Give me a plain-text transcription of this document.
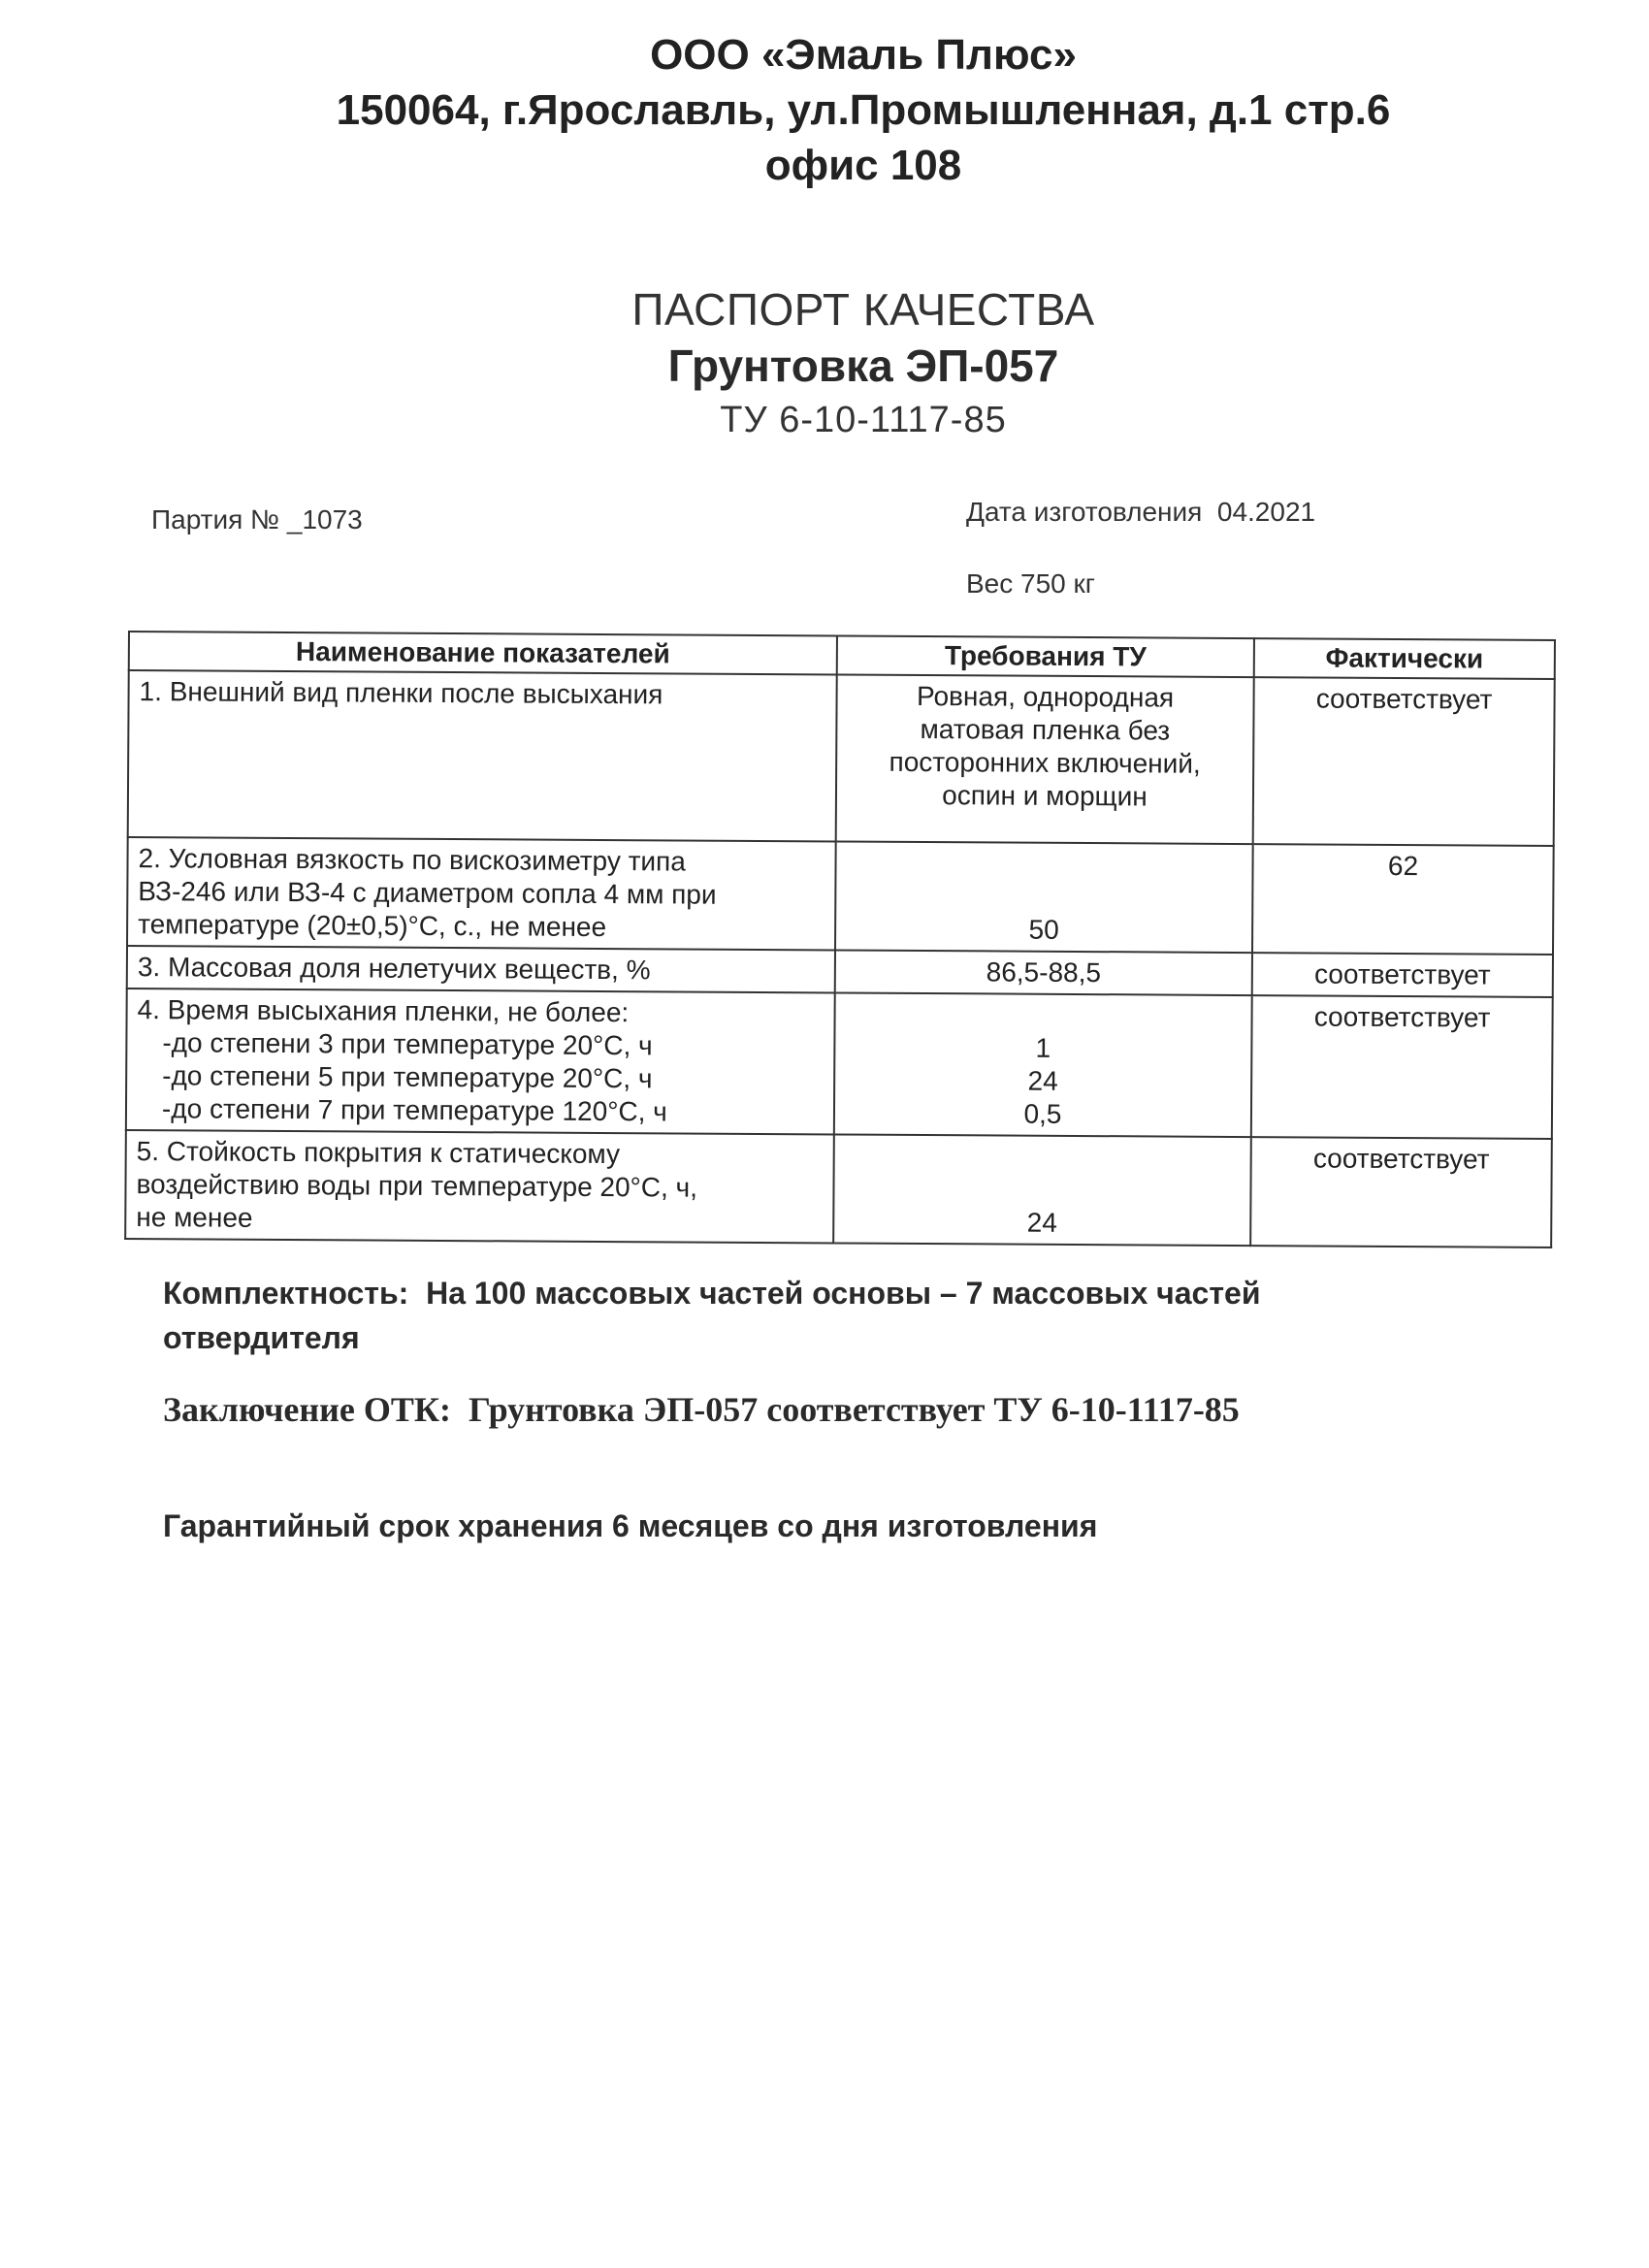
ООО «Эмаль Плюс»
150064, г.Ярославль, ул.Промышленная, д.1 стр.6
офис 108
ПАСПОРТ КАЧЕСТВА
Грунтовка ЭП-057
ТУ 6-10-1117-85
Партия № _1073	Дата изготовления 04.2021
Вес 750 кг
Наименование показателей	Требования ТУ	Фактически

1. Внешний вид пленки после высыхания	Ровная, однородная
матовая пленка без
посторонних включений,
оспин и морщин	соответствует

2. Условная вязкость по вискозиметру типа
ВЗ-246 или ВЗ-4 с диаметром сопла 4 мм при
температуре (20±0,5)°С, с., не менее	50	62

3. Массовая доля нелетучих веществ, %	86,5-88,5	соответствует

4. Время высыхания пленки, не более:
-до степени 3 при температуре 20°С, ч
-до степени 5 при температуре 20°С, ч
-до степени 7 при температуре 120°С, ч	1
24
0,5	соответствует

5. Стойкость покрытия к статическому
воздействию воды при температуре 20°С, ч,
не менее	24	соответствует
Комплектность: На 100 массовых частей основы – 7 массовых частей
отвердителя
Заключение ОТК: Грунтовка ЭП-057 соответствует ТУ 6-10-1117-85
Гарантийный срок хранения 6 месяцев со дня изготовления
